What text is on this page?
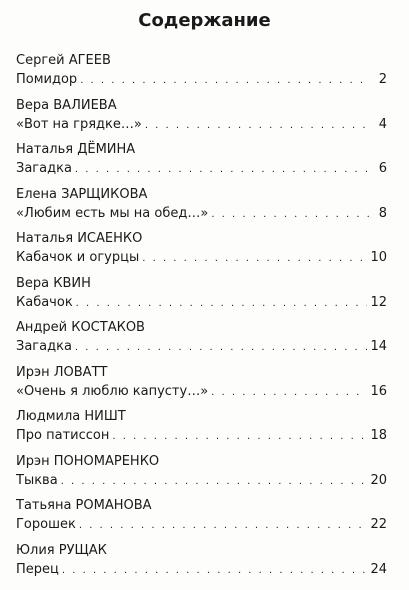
Содержание
Сергей АГЕЕВ
Помидор . . .	2
Вера ВАЛИЕВА
«Вот на грядке…» . . .	4
Наталья ДЁМИНА
Загадка . . .	6
Елена ЗАРЩИКОВА
«Любим есть мы на обед…» . . .	8
Наталья ИСАЕНКО
Кабачок и огурцы . . .	10
Вера КВИН
Кабачок . . .	12
Андрей КОСТАКОВ
Загадка . . .	14
Ирэн ЛОВАТТ
«Очень я люблю капусту…» . . .	16
Людмила НИШТ
Про патиссон . . .	18
Ирэн ПОНОМАРЕНКО
Тыква . . .	20
Татьяна РОМАНОВА
Горошек . . .	22
Юлия РУЩАК
Перец . . .	24
